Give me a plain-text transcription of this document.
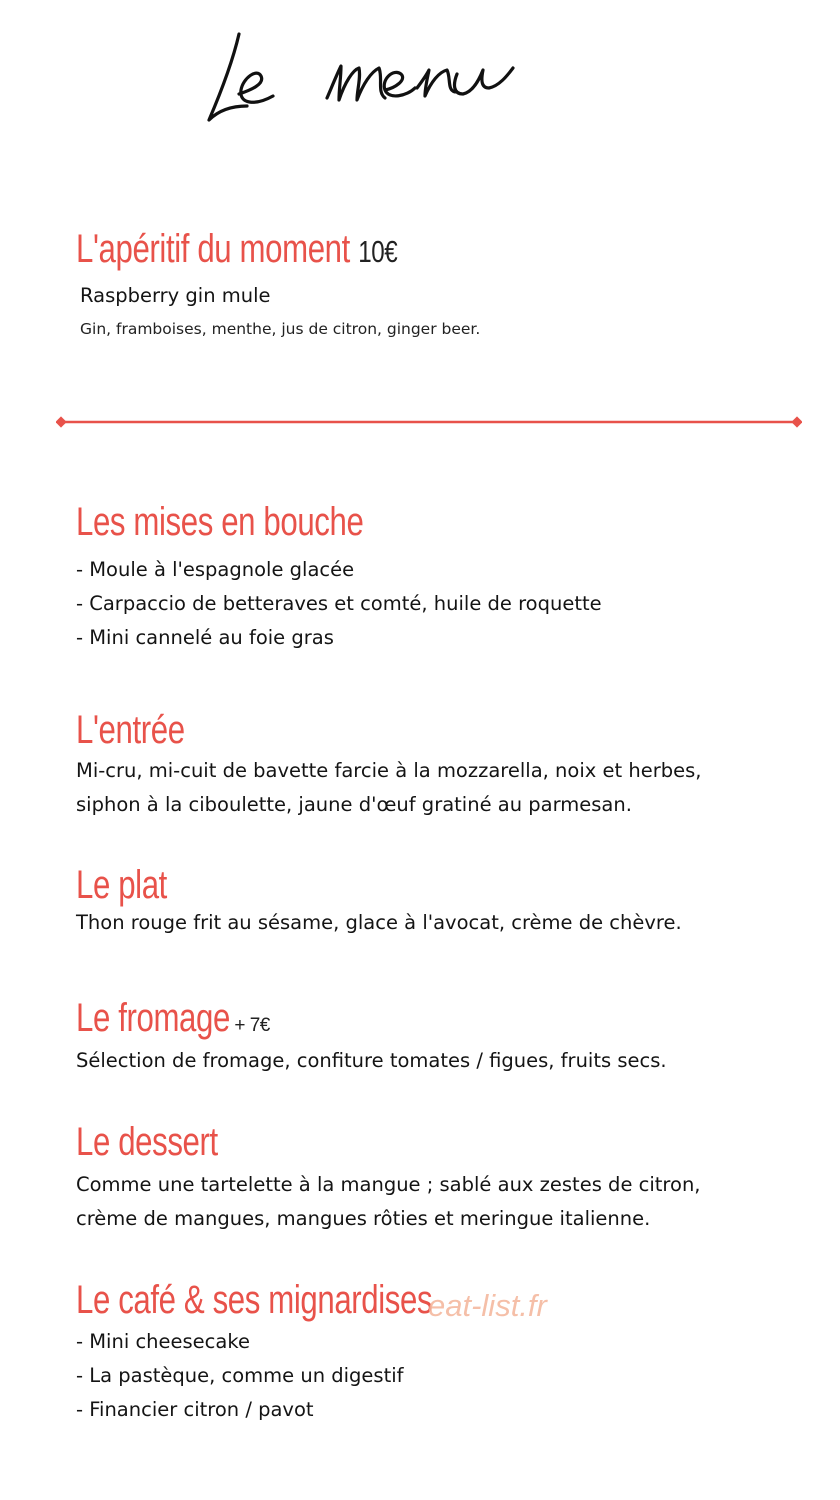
L'apéritif du moment 10€

Raspberry gin mule

Gin, framboises, menthe, jus de citron, ginger beer.

Les mises en bouche

- Moule à l'espagnole glacée

- Carpaccio de betteraves et comté, huile de roquette

- Mini cannelé au foie gras

L'entrée

Mi-cru, mi-cuit de bavette farcie à la mozzarella, noix et herbes,

siphon à la ciboulette, jaune d'œuf gratiné au parmesan.

Le plat

Thon rouge frit au sésame, glace à l'avocat, crème de chèvre.

Le fromage + 7€

Sélection de fromage, confiture tomates / figues, fruits secs.

Le dessert

Comme une tartelette à la mangue ; sablé aux zestes de citron,

crème de mangues, mangues rôties et meringue italienne.

Le café & ses mignardises

- Mini cheesecake

- La pastèque, comme un digestif

- Financier citron / pavot

eat-list.fr
